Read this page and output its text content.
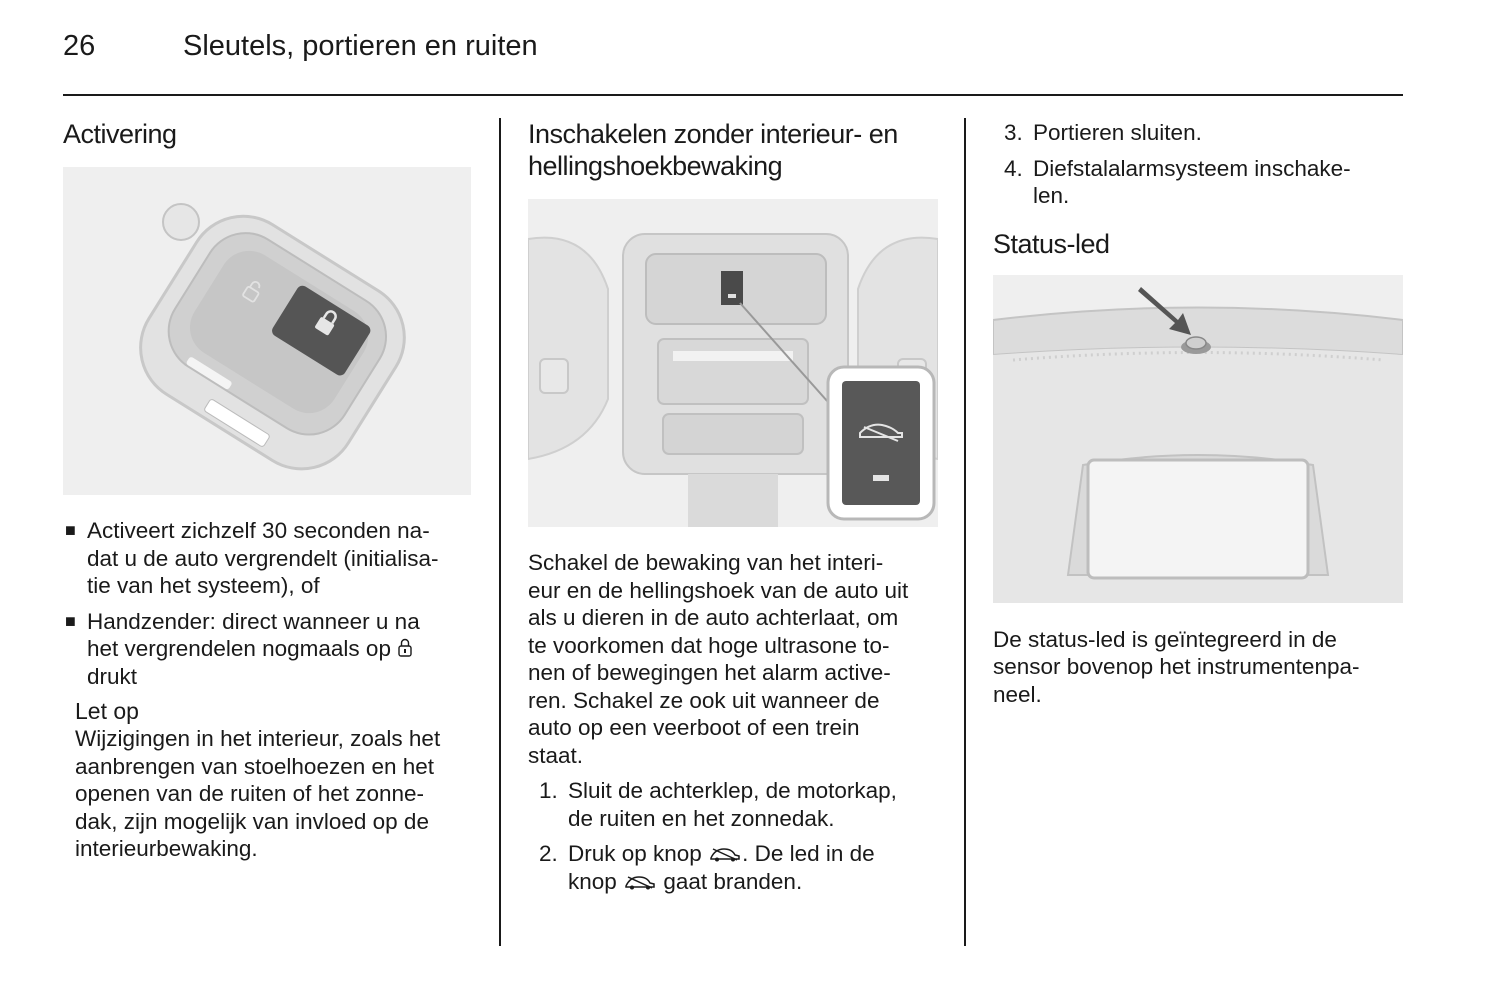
26	Sleutels, portieren en ruiten
Activering
■ Activeert zichzelf 30 seconden na-
dat u de auto vergrendelt (initialisa-
tie van het systeem), of
■ Handzender: direct wanneer u na
het vergrendelen nogmaals op
drukt
Let op

Wijzigingen in het interieur, zoals het
aanbrengen van stoelhoezen en het
openen van de ruiten of het zonne-
dak, zijn mogelijk van invloed op de
interieurbewaking.

Inschakelen zonder interieur- en
hellingshoekbewaking

Schakel de bewaking van het interi-
eur en de hellingshoek van de auto uit
als u dieren in de auto achterlaat, om
te voorkomen dat hoge ultrasone to-
nen of bewegingen het alarm active-
ren. Schakel ze ook uit wanneer de
auto op een veerboot of een trein
staat.

1. Sluit de achterklep, de motorkap,
de ruiten en het zonnedak.
2. Druk op knop . De led in de
knop gaat branden.
3. Portieren sluiten.
4. Diefstalalarmsysteem inschake-
len.
Status-led

De status-led is geïntegreerd in de
sensor bovenop het instrumentenpa-
neel.
